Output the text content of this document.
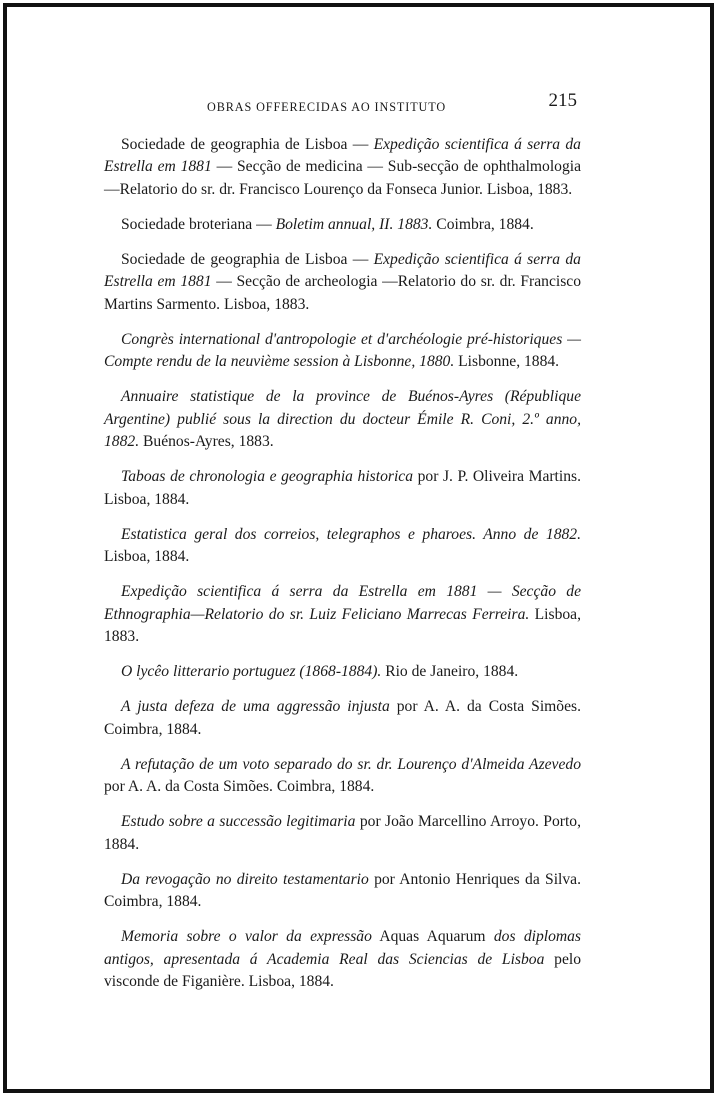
OBRAS OFFERECIDAS AO INSTITUTO	215

Sociedade de geographia de Lisboa — Expedição scientifica á serra da Estrella em 1881 — Secção de medicina — Sub-secção de ophthalmologia —Relatorio do sr. dr. Francisco Lourenço da Fonseca Junior. Lisboa, 1883.

Sociedade broteriana — Boletim annual, II. 1883. Coimbra, 1884.

Sociedade de geographia de Lisboa — Expedição scientifica á serra da Estrella em 1881 — Secção de archeologia —Relatorio do sr. dr. Francisco Martins Sarmento. Lisboa, 1883.

Congrès international d'antropologie et d'archéologie pré-historiques — Compte rendu de la neuvième session à Lisbonne, 1880. Lisbonne, 1884.

Annuaire statistique de la province de Buénos-Ayres (République Argentine) publié sous la direction du docteur Émile R. Coni, 2.º anno, 1882. Buénos-Ayres, 1883.

Taboas de chronologia e geographia historica por J. P. Oliveira Martins. Lisboa, 1884.

Estatistica geral dos correios, telegraphos e pharoes. Anno de 1882. Lisboa, 1884.

Expedição scientifica á serra da Estrella em 1881 — Secção de Ethnographia—Relatorio do sr. Luiz Feliciano Marrecas Ferreira. Lisboa, 1883.

O lycêo litterario portuguez (1868-1884). Rio de Janeiro, 1884.

A justa defeza de uma aggressão injusta por A. A. da Costa Simões. Coimbra, 1884.

A refutação de um voto separado do sr. dr. Lourenço d'Almeida Azevedo por A. A. da Costa Simões. Coimbra, 1884.

Estudo sobre a successão legitimaria por João Marcellino Arroyo. Porto, 1884.

Da revogação no direito testamentario por Antonio Henriques da Silva. Coimbra, 1884.

Memoria sobre o valor da expressão Aquas Aquarum dos diplomas antigos, apresentada á Academia Real das Sciencias de Lisboa pelo visconde de Figanière. Lisboa, 1884.
